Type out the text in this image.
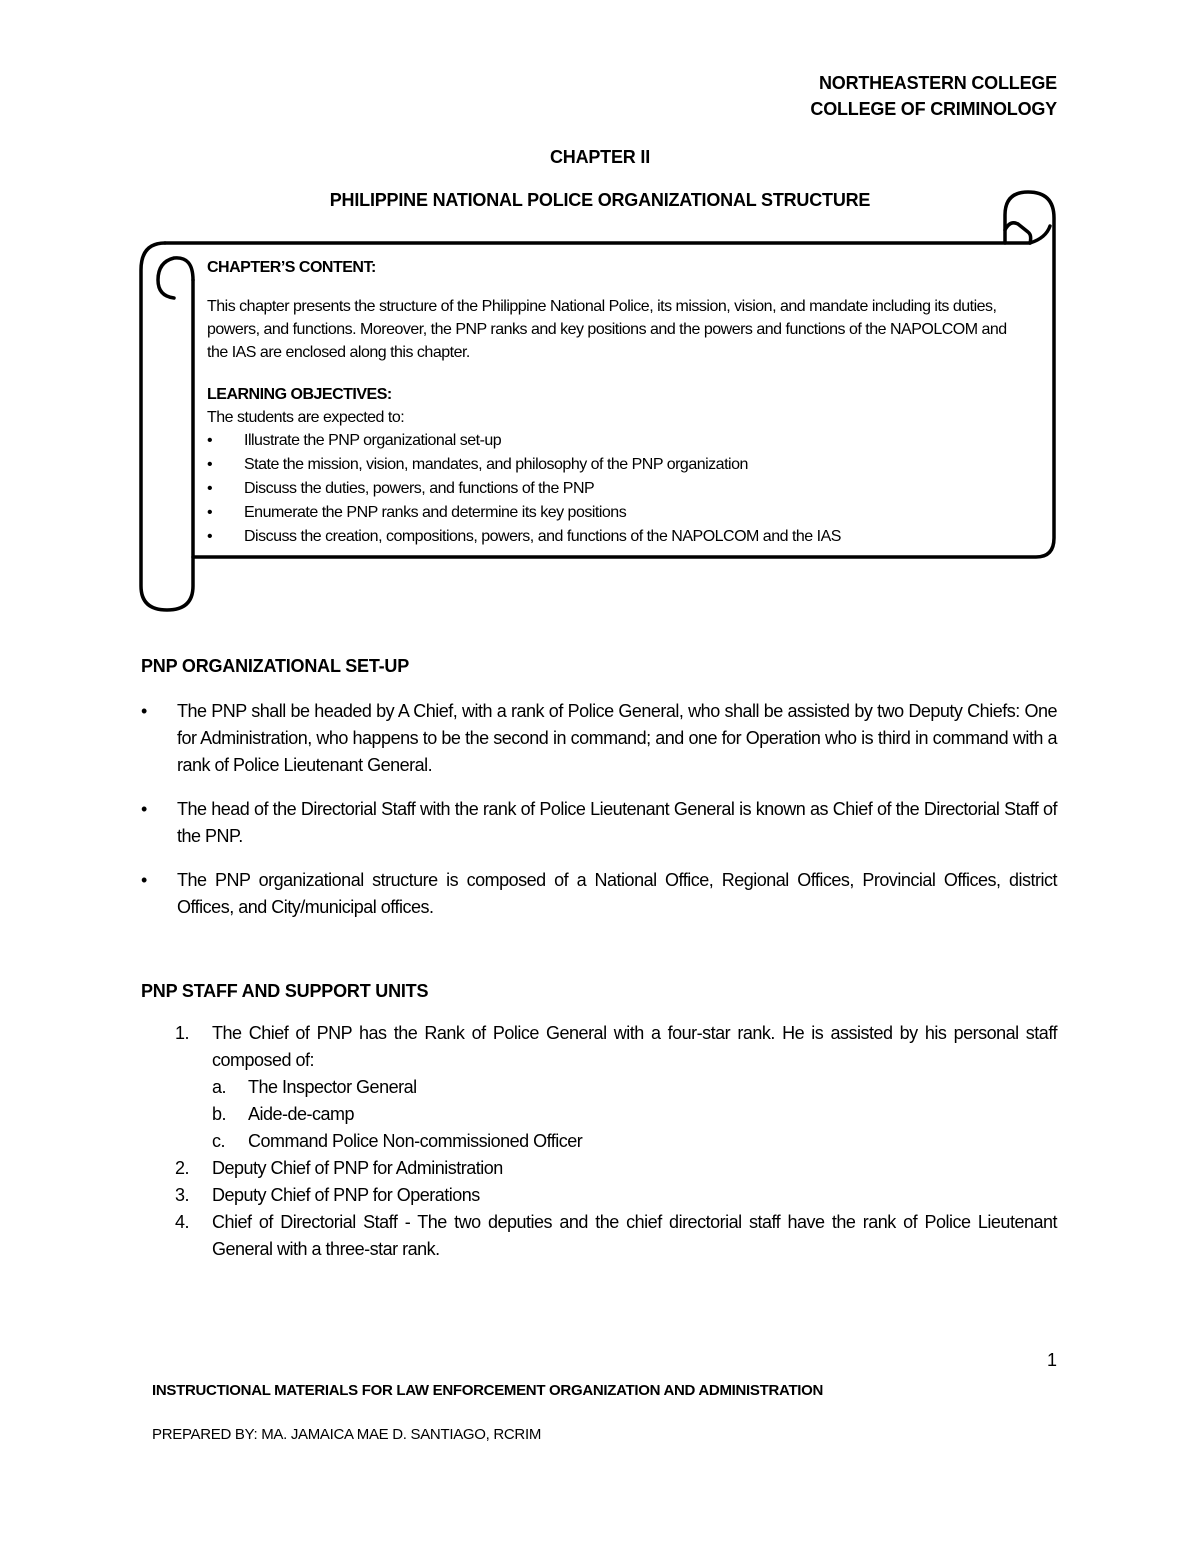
NORTHEASTERN COLLEGE
COLLEGE OF CRIMINOLOGY
CHAPTER II
PHILIPPINE NATIONAL POLICE ORGANIZATIONAL STRUCTURE

CHAPTER’S CONTENT:

This chapter presents the structure of the Philippine National Police, its mission, vision, and mandate including its duties, powers, and functions. Moreover, the PNP ranks and key positions and the powers and functions of the NAPOLCOM and the IAS are enclosed along this chapter.

LEARNING OBJECTIVES:

The students are expected to:

• Illustrate the PNP organizational set-up
• State the mission, vision, mandates, and philosophy of the PNP organization
• Discuss the duties, powers, and functions of the PNP
• Enumerate the PNP ranks and determine its key positions
• Discuss the creation, compositions, powers, and functions of the NAPOLCOM and the IAS
PNP ORGANIZATIONAL SET-UP
• The PNP shall be headed by A Chief, with a rank of Police General, who shall be assisted by two Deputy Chiefs: One for Administration, who happens to be the second in command; and one for Operation who is third in command with a rank of Police Lieutenant General.
• The head of the Directorial Staff with the rank of Police Lieutenant General is known as Chief of the Directorial Staff of the PNP.
• The PNP organizational structure is composed of a National Office, Regional Offices, Provincial Offices, district Offices, and City/municipal offices.
PNP STAFF AND SUPPORT UNITS
1. The Chief of PNP has the Rank of Police General with a four-star rank. He is assisted by his personal staff composed of:
a. The Inspector General
b. Aide-de-camp
c. Command Police Non-commissioned Officer
2. Deputy Chief of PNP for Administration
3. Deputy Chief of PNP for Operations
4. Chief of Directorial Staff - The two deputies and the chief directorial staff have the rank of Police Lieutenant General with a three-star rank.
1
INSTRUCTIONAL MATERIALS FOR LAW ENFORCEMENT ORGANIZATION AND ADMINISTRATION
PREPARED BY: MA. JAMAICA MAE D. SANTIAGO, RCRIM
